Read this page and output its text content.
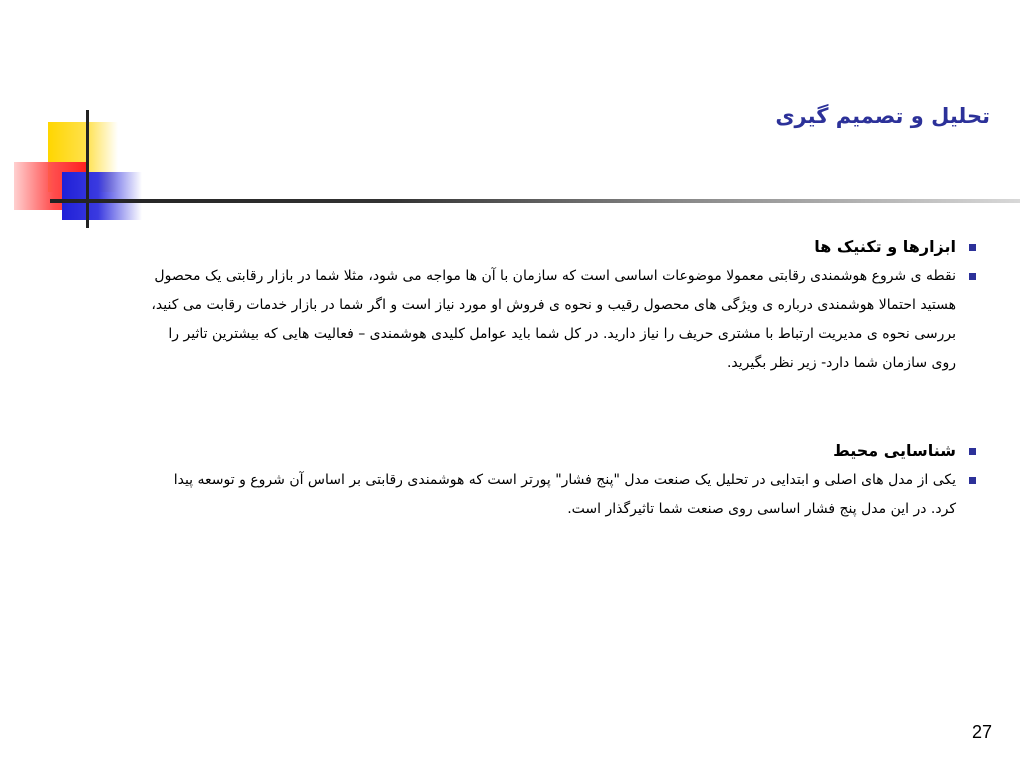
تحلیل و تصمیم گیری
ابزارها و تکنیک ها
نقطه ی شروع هوشمندی رقابتی معمولا موضوعات اساسی است که سازمان با آن ها مواجه می شود، مثلا شما در بازار رقابتی یک محصول هستید احتمالا هوشمندی درباره ی ویژگی های محصول رقیب و نحوه ی فروش او مورد نیاز است و اگر شما در بازار خدمات رقابت می کنید، بررسی نحوه ی مدیریت ارتباط با مشتری حریف را نیاز دارید. در کل شما باید عوامل کلیدی هوشمندی – فعالیت هایی که بیشترین تاثیر را روی سازمان شما دارد- زیر نظر بگیرید.
شناسایی محیط
یکی از مدل های اصلی و ابتدایی در تحلیل یک صنعت مدل "پنج فشار" پورتر است که هوشمندی رقابتی بر اساس آن شروع و توسعه پیدا کرد. در این مدل پنج فشار اساسی روی صنعت شما تاثیرگذار است.
27
